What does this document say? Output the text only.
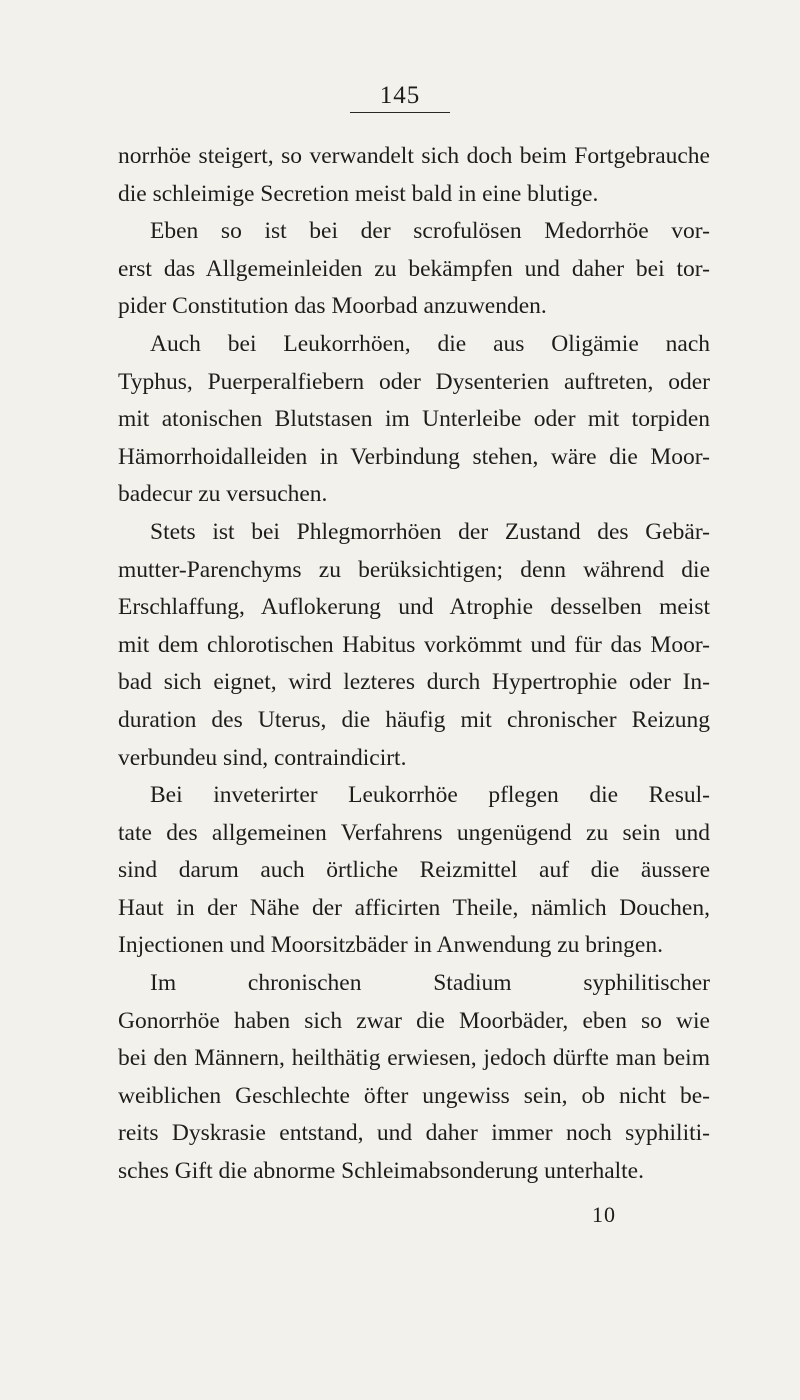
145
norrhöe steigert, so verwandelt sich doch beim Fortgebrauche
die schleimige Secretion meist bald in eine blutige.
Eben so ist bei der scrofulösen Medorrhöe vor-
erst das Allgemeinleiden zu bekämpfen und daher bei tor-
pider Constitution das Moorbad anzuwenden.
Auch bei Leukorrhöen, die aus Oligämie nach
Typhus, Puerperalfiebern oder Dysenterien auftreten, oder
mit atonischen Blutstasen im Unterleibe oder mit torpiden
Hämorrhoidalleiden in Verbindung stehen, wäre die Moor-
badecur zu versuchen.
Stets ist bei Phlegmorrhöen der Zustand des Gebär-
mutter-Parenchyms zu berüksichtigen; denn während die
Erschlaffung, Auflokerung und Atrophie desselben meist
mit dem chlorotischen Habitus vorkömmt und für das Moor-
bad sich eignet, wird lezteres durch Hypertrophie oder In-
duration des Uterus, die häufig mit chronischer Reizung
verbundeu sind, contraindicirt.
Bei inveterirter Leukorrhöe pflegen die Resul-
tate des allgemeinen Verfahrens ungenügend zu sein und
sind darum auch örtliche Reizmittel auf die äussere
Haut in der Nähe der afficirten Theile, nämlich Douchen,
Injectionen und Moorsitzbäder in Anwendung zu bringen.
Im chronischen Stadium syphilitischer
Gonorrhöe haben sich zwar die Moorbäder, eben so wie
bei den Männern, heilthätig erwiesen, jedoch dürfte man beim
weiblichen Geschlechte öfter ungewiss sein, ob nicht be-
reits Dyskrasie entstand, und daher immer noch syphiliti-
sches Gift die abnorme Schleimabsonderung unterhalte.
10
